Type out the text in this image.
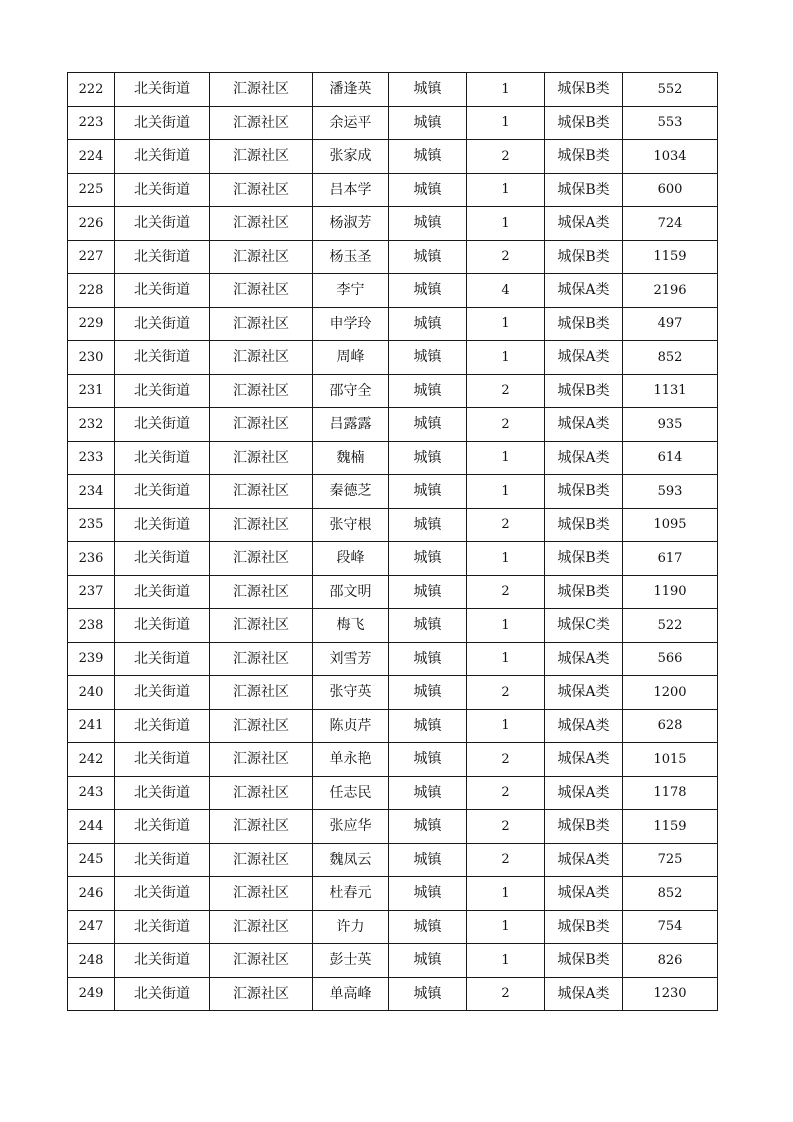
222	北关街道	汇源社区	潘逢英	城镇	1	城保B类	552
223	北关街道	汇源社区	余运平	城镇	1	城保B类	553
224	北关街道	汇源社区	张家成	城镇	2	城保B类	1034
225	北关街道	汇源社区	吕本学	城镇	1	城保B类	600
226	北关街道	汇源社区	杨淑芳	城镇	1	城保A类	724
227	北关街道	汇源社区	杨玉圣	城镇	2	城保B类	1159
228	北关街道	汇源社区	李宁	城镇	4	城保A类	2196
229	北关街道	汇源社区	申学玲	城镇	1	城保B类	497
230	北关街道	汇源社区	周峰	城镇	1	城保A类	852
231	北关街道	汇源社区	邵守全	城镇	2	城保B类	1131
232	北关街道	汇源社区	吕露露	城镇	2	城保A类	935
233	北关街道	汇源社区	魏楠	城镇	1	城保A类	614
234	北关街道	汇源社区	秦德芝	城镇	1	城保B类	593
235	北关街道	汇源社区	张守根	城镇	2	城保B类	1095
236	北关街道	汇源社区	段峰	城镇	1	城保B类	617
237	北关街道	汇源社区	邵文明	城镇	2	城保B类	1190
238	北关街道	汇源社区	梅飞	城镇	1	城保C类	522
239	北关街道	汇源社区	刘雪芳	城镇	1	城保A类	566
240	北关街道	汇源社区	张守英	城镇	2	城保A类	1200
241	北关街道	汇源社区	陈贞芹	城镇	1	城保A类	628
242	北关街道	汇源社区	单永艳	城镇	2	城保A类	1015
243	北关街道	汇源社区	任志民	城镇	2	城保A类	1178
244	北关街道	汇源社区	张应华	城镇	2	城保B类	1159
245	北关街道	汇源社区	魏凤云	城镇	2	城保A类	725
246	北关街道	汇源社区	杜春元	城镇	1	城保A类	852
247	北关街道	汇源社区	许力	城镇	1	城保B类	754
248	北关街道	汇源社区	彭士英	城镇	1	城保B类	826
249	北关街道	汇源社区	单高峰	城镇	2	城保A类	1230
